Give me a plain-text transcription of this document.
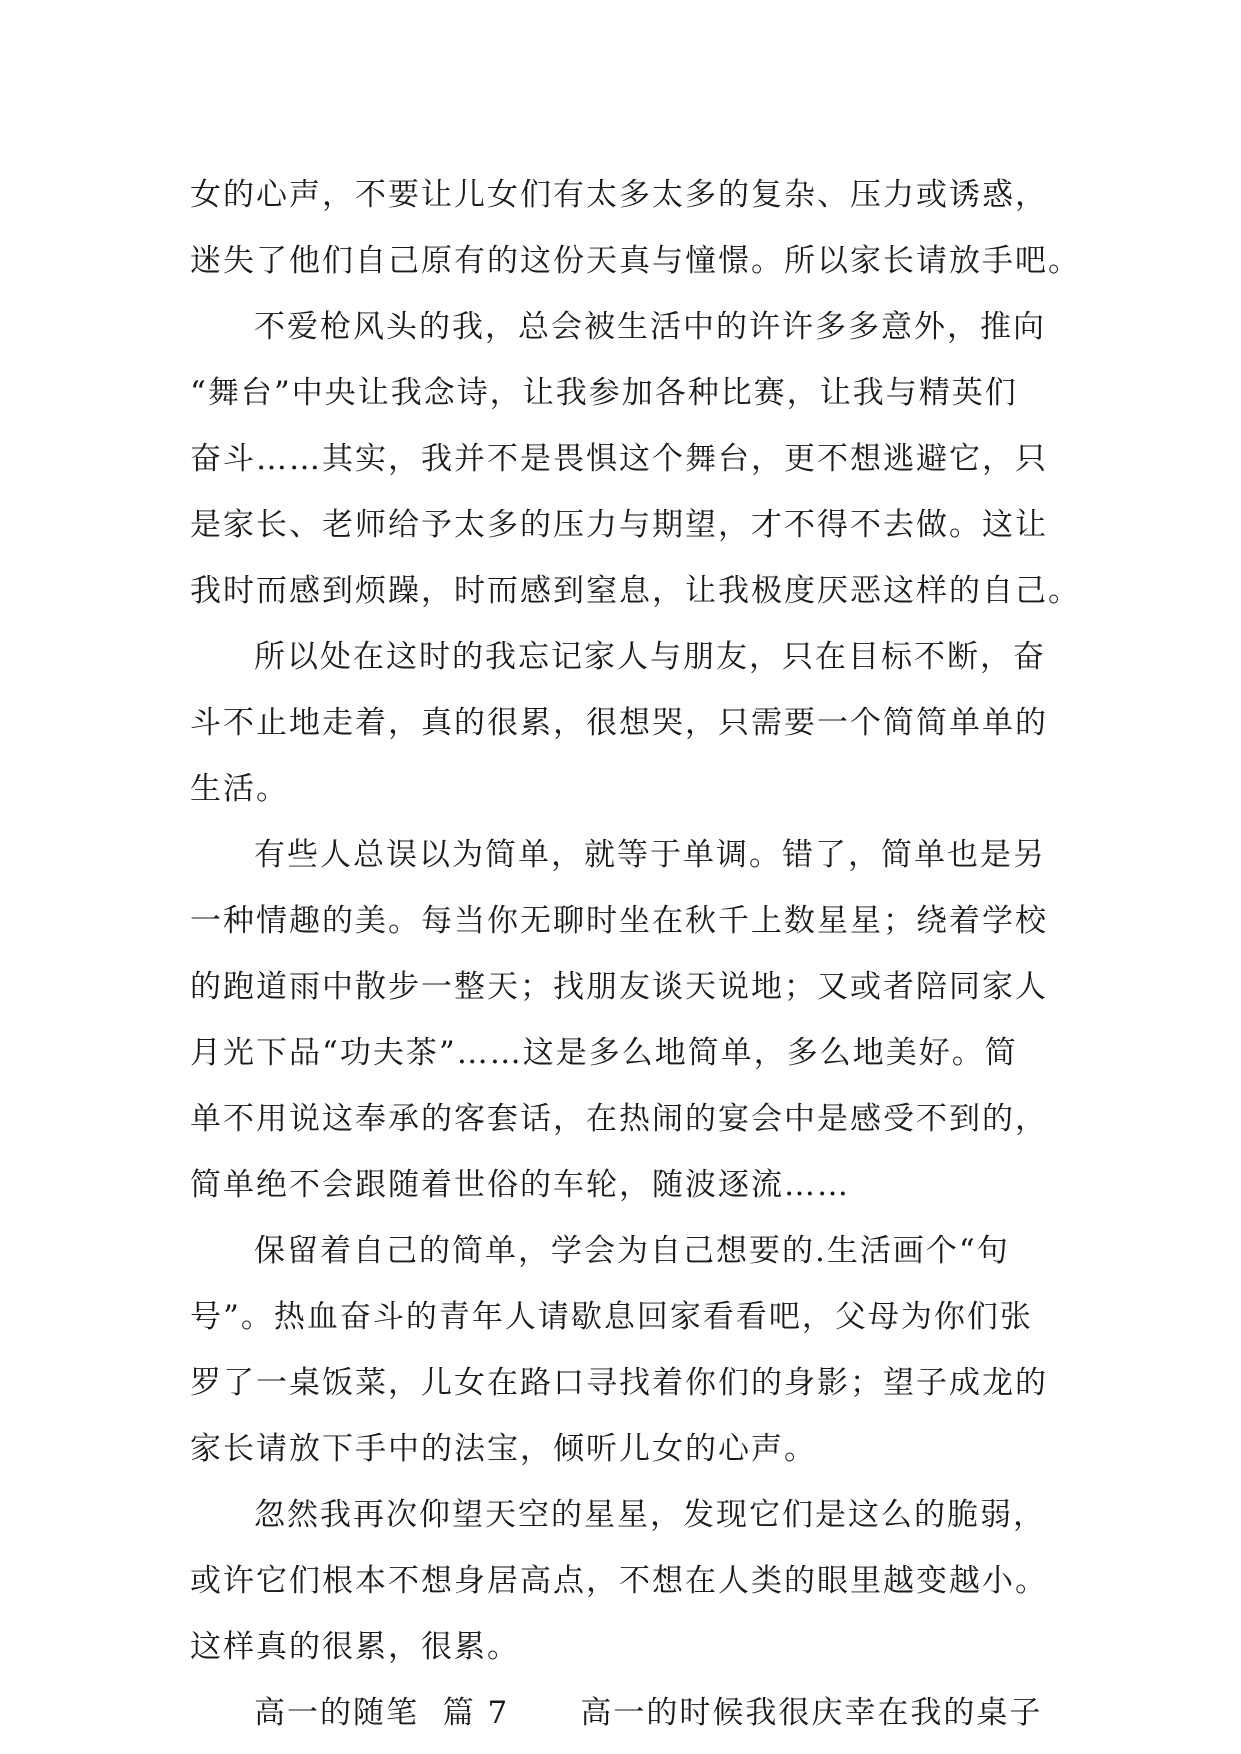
女的心声，不要让儿女们有太多太多的复杂、压力或诱惑，
迷失了他们自己原有的这份天真与憧憬。所以家长请放手吧。
不爱枪风头的我，总会被生活中的许许多多意外，推向
“舞台”中央让我念诗，让我参加各种比赛，让我与精英们
奋斗……其实，我并不是畏惧这个舞台，更不想逃避它，只
是家长、老师给予太多的压力与期望，才不得不去做。这让
我时而感到烦躁，时而感到窒息，让我极度厌恶这样的自己。
所以处在这时的我忘记家人与朋友，只在目标不断，奋
斗不止地走着，真的很累，很想哭，只需要一个简简单单的
生活。
有些人总误以为简单，就等于单调。错了，简单也是另
一种情趣的美。每当你无聊时坐在秋千上数星星；绕着学校
的跑道雨中散步一整天；找朋友谈天说地；又或者陪同家人
月光下品“功夫茶”……这是多么地简单，多么地美好。简
单不用说这奉承的客套话，在热闹的宴会中是感受不到的，
简单绝不会跟随着世俗的车轮，随波逐流……
保留着自己的简单，学会为自己想要的.生活画个“句
号”。热血奋斗的青年人请歇息回家看看吧，父母为你们张
罗了一桌饭菜，儿女在路口寻找着你们的身影；望子成龙的
家长请放下手中的法宝，倾听儿女的心声。
忽然我再次仰望天空的星星，发现它们是这么的脆弱，
或许它们根本不想身居高点，不想在人类的眼里越变越小。
这样真的很累，很累。
高一的随笔  篇 7      高一的时候我很庆幸在我的桌子
